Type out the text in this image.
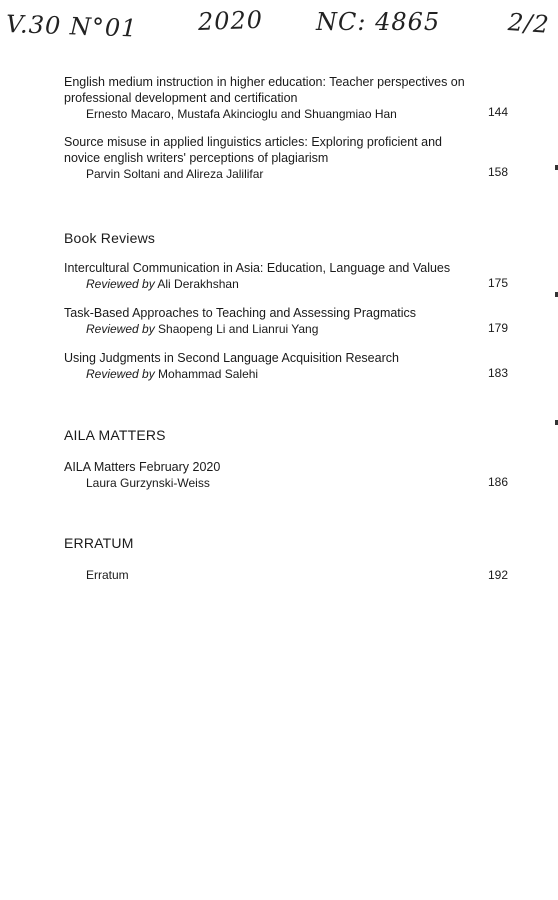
V.30 N°01 2020 NC: 4865	2/2
English medium instruction in higher education: Teacher perspectives on professional development and certification
Ernesto Macaro, Mustafa Akincioglu and Shuangmiao Han	144
Source misuse in applied linguistics articles: Exploring proficient and novice english writers' perceptions of plagiarism
Parvin Soltani and Alireza Jalilifar	158
Book Reviews
Intercultural Communication in Asia: Education, Language and Values
Reviewed by Ali Derakhshan	175
Task-Based Approaches to Teaching and Assessing Pragmatics
Reviewed by Shaopeng Li and Lianrui Yang	179
Using Judgments in Second Language Acquisition Research
Reviewed by Mohammad Salehi	183
AILA MATTERS
AILA Matters February 2020
Laura Gurzynski-Weiss	186
ERRATUM
Erratum	192
